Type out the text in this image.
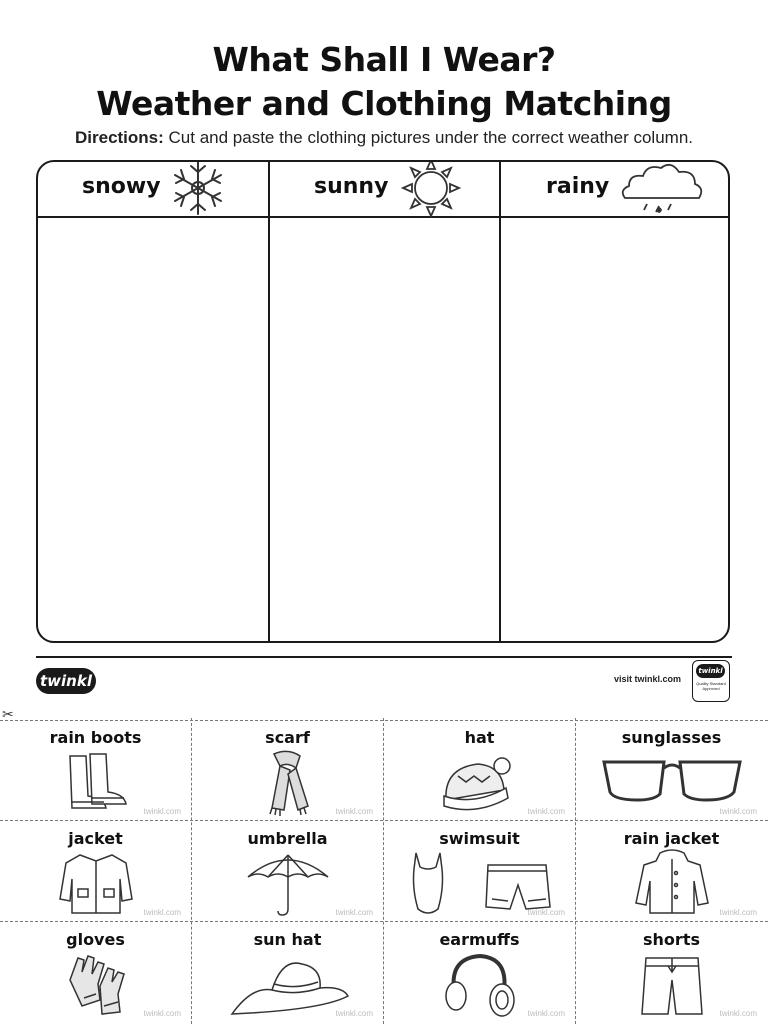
What Shall I Wear?
Weather and Clothing Matching
Directions: Cut and paste the clothing pictures under the correct weather column.
snowy	sunny	rainy
twinkl	visit twinkl.com
twinkl
Quality Standard Approved
✂
rain boots
twinkl.com
scarf
twinkl.com
hat
twinkl.com
sunglasses
twinkl.com
jacket
twinkl.com
umbrella
twinkl.com
swimsuit
twinkl.com
rain jacket
twinkl.com
gloves
twinkl.com
sun hat
twinkl.com
earmuffs
twinkl.com
shorts
twinkl.com
